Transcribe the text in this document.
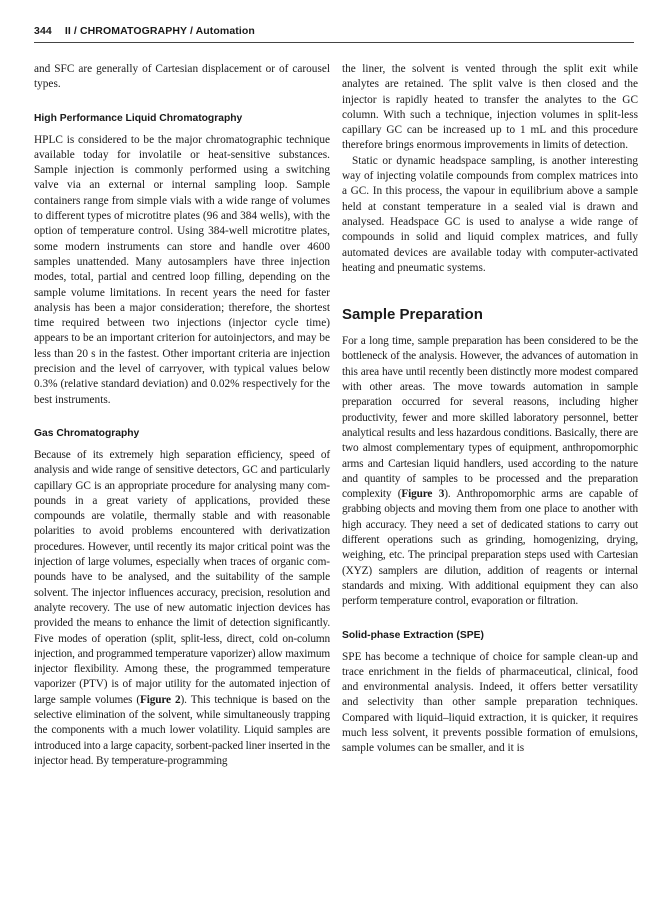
344 II / CHROMATOGRAPHY / Automation

and SFC are generally of Cartesian displacement or of carousel types.

High Performance Liquid Chromatography

HPLC is considered to be the major chromatographic technique available today for involatile or heat-sensitive substances. Sample injection is commonly performed using a switching valve via an external or internal sampling loop. Sample containers range from simple vials with a wide range of volumes to different types of microtitre plates (96 and 384 wells), with the option of temperature control. Using 384-well microtitre plates, some modern instruments can store and handle over 4600 samples unattended. Many autosamplers have three injection modes, total, partial and centred loop filling, depending on the sample volume limitations. In recent years the need for faster analysis has been a major consideration; therefore, the shortest time required between two injections (injector cycle time) appears to be an important criterion for autoinjectors, and may be less than 20 s in the fastest. Other important criteria are injection precision and the level of carryover, with typical values below 0.3% (relative standard deviation) and 0.02% respectively for the best instruments.

Gas Chromatography

Because of its extremely high separation efficiency, speed of analysis and wide range of sensitive detectors, GC and particularly capillary GC is an appropriate procedure for analysing many compounds in a great variety of applications, provided these compounds are volatile, thermally stable and with reasonable polarities to avoid problems encountered with derivatization procedures. However, until recently its major critical point was the injection of large volumes, especially when traces of organic compounds have to be analysed, and the suitability of the sample solvent. The injector influences accuracy, precision, resolution and analyte recovery. The use of new automatic injection devices has provided the means to enhance the limit of detection significantly. Five modes of operation (split, split-less, direct, cold on-column injection, and programmed temperature vaporizer) allow maximum injector flexibility. Among these, the programmed temperature vaporizer (PTV) is of major utility for the automated injection of large sample volumes (Figure 2). This technique is based on the selective elimination of the solvent, while simultaneously trapping the components with a much lower volatility. Liquid samples are introduced into a large capacity, sorbent-packed liner inserted in the injector head. By temperature-programming

the liner, the solvent is vented through the split exit while analytes are retained. The split valve is then closed and the injector is rapidly heated to transfer the analytes to the GC column. With such a technique, injection volumes in split-less capillary GC can be increased up to 1 mL and this procedure therefore brings enormous improvements in limits of detection.

Static or dynamic headspace sampling, is another interesting way of injecting volatile compounds from complex matrices into a GC. In this process, the vapour in equilibrium above a sample held at constant temperature in a sealed vial is drawn and analysed. Headspace GC is used to analyse a wide range of compounds in solid and liquid complex matrices, and fully automated devices are available today with computer-activated heating and pneumatic systems.

Sample Preparation

For a long time, sample preparation has been considered to be the bottleneck of the analysis. However, the advances of automation in this area have until recently been distinctly more modest compared with other areas. The move towards automation in sample preparation occurred for several reasons, including higher productivity, fewer and more skilled laboratory personnel, better analytical results and less hazardous conditions. Basically, there are two almost complementary types of equipment, anthropomorphic arms and Cartesian liquid handlers, used according to the nature and quantity of samples to be processed and the preparation complexity (Figure 3). Anthropomorphic arms are capable of grabbing objects and moving them from one place to another with high accuracy. They need a set of dedicated stations to carry out different operations such as grinding, homogenizing, drying, weighing, etc. The principal preparation steps used with Cartesian (XYZ) samplers are dilution, addition of reagents or internal standards and mixing. With additional equipment they can also perform temperature control, evaporation or filtration.

Solid-phase Extraction (SPE)

SPE has become a technique of choice for sample clean-up and trace enrichment in the fields of pharmaceutical, clinical, food and environmental analysis. Indeed, it offers better versatility and selectivity than other sample preparation techniques. Compared with liquid–liquid extraction, it is quicker, it requires much less solvent, it prevents possible formation of emulsions, sample volumes can be smaller, and it is
